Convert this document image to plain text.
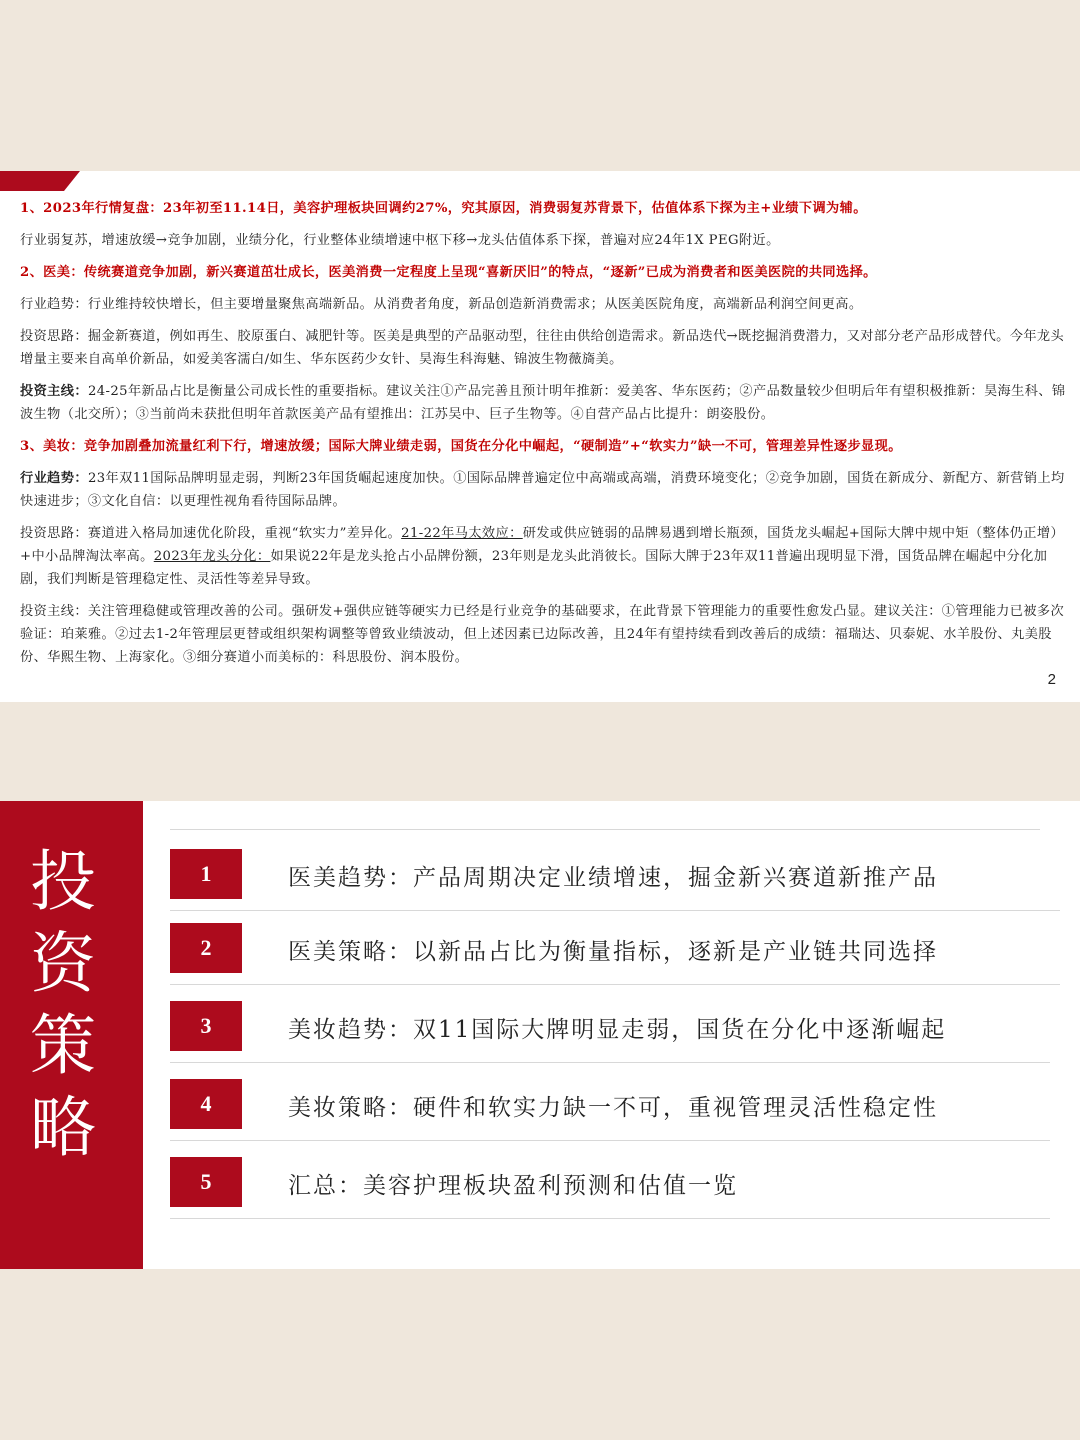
1、2023年行情复盘：23年初至11.14日，美容护理板块回调约27%，究其原因，消费弱复苏背景下，估值体系下探为主+业绩下调为辅。

行业弱复苏，增速放缓→竞争加剧，业绩分化，行业整体业绩增速中枢下移→龙头估值体系下探，普遍对应24年1X PEG附近。

2、医美：传统赛道竞争加剧，新兴赛道茁壮成长，医美消费一定程度上呈现“喜新厌旧”的特点，“逐新”已成为消费者和医美医院的共同选择。

行业趋势：行业维持较快增长，但主要增量聚焦高端新品。从消费者角度，新品创造新消费需求；从医美医院角度，高端新品利润空间更高。

投资思路：掘金新赛道，例如再生、胶原蛋白、减肥针等。医美是典型的产品驱动型，往往由供给创造需求。新品迭代→既挖掘消费潜力，又对部分老产品形成替代。今年龙头增量主要来自高单价新品，如爱美客濡白/如生、华东医药少女针、昊海生科海魅、锦波生物薇旖美。

投资主线：24-25年新品占比是衡量公司成长性的重要指标。建议关注①产品完善且预计明年推新：爱美客、华东医药；②产品数量较少但明后年有望积极推新：昊海生科、锦波生物（北交所）；③当前尚未获批但明年首款医美产品有望推出：江苏吴中、巨子生物等。④自营产品占比提升：朗姿股份。

3、美妆：竞争加剧叠加流量红利下行，增速放缓；国际大牌业绩走弱，国货在分化中崛起，“硬制造”+“软实力”缺一不可，管理差异性逐步显现。

行业趋势：23年双11国际品牌明显走弱，判断23年国货崛起速度加快。①国际品牌普遍定位中高端或高端，消费环境变化；②竞争加剧，国货在新成分、新配方、新营销上均快速进步；③文化自信：以更理性视角看待国际品牌。

投资思路：赛道进入格局加速优化阶段，重视“软实力”差异化。21-22年马太效应：研发或供应链弱的品牌易遇到增长瓶颈，国货龙头崛起+国际大牌中规中矩（整体仍正增）+中小品牌淘汰率高。2023年龙头分化：如果说22年是龙头抢占小品牌份额，23年则是龙头此消彼长。国际大牌于23年双11普遍出现明显下滑，国货品牌在崛起中分化加剧，我们判断是管理稳定性、灵活性等差异导致。

投资主线：关注管理稳健或管理改善的公司。强研发+强供应链等硬实力已经是行业竞争的基础要求，在此背景下管理能力的重要性愈发凸显。建议关注：①管理能力已被多次验证：珀莱雅。②过去1-2年管理层更替或组织架构调整等曾致业绩波动，但上述因素已边际改善，且24年有望持续看到改善后的成绩：福瑞达、贝泰妮、水羊股份、丸美股份、华熙生物、上海家化。③细分赛道小而美标的：科思股份、润本股份。

2
投
资
策
略
1	医美趋势：产品周期决定业绩增速，掘金新兴赛道新推产品
2	医美策略：以新品占比为衡量指标，逐新是产业链共同选择
3	美妆趋势：双11国际大牌明显走弱，国货在分化中逐渐崛起
4	美妆策略：硬件和软实力缺一不可，重视管理灵活性稳定性
5	汇总：美容护理板块盈利预测和估值一览
